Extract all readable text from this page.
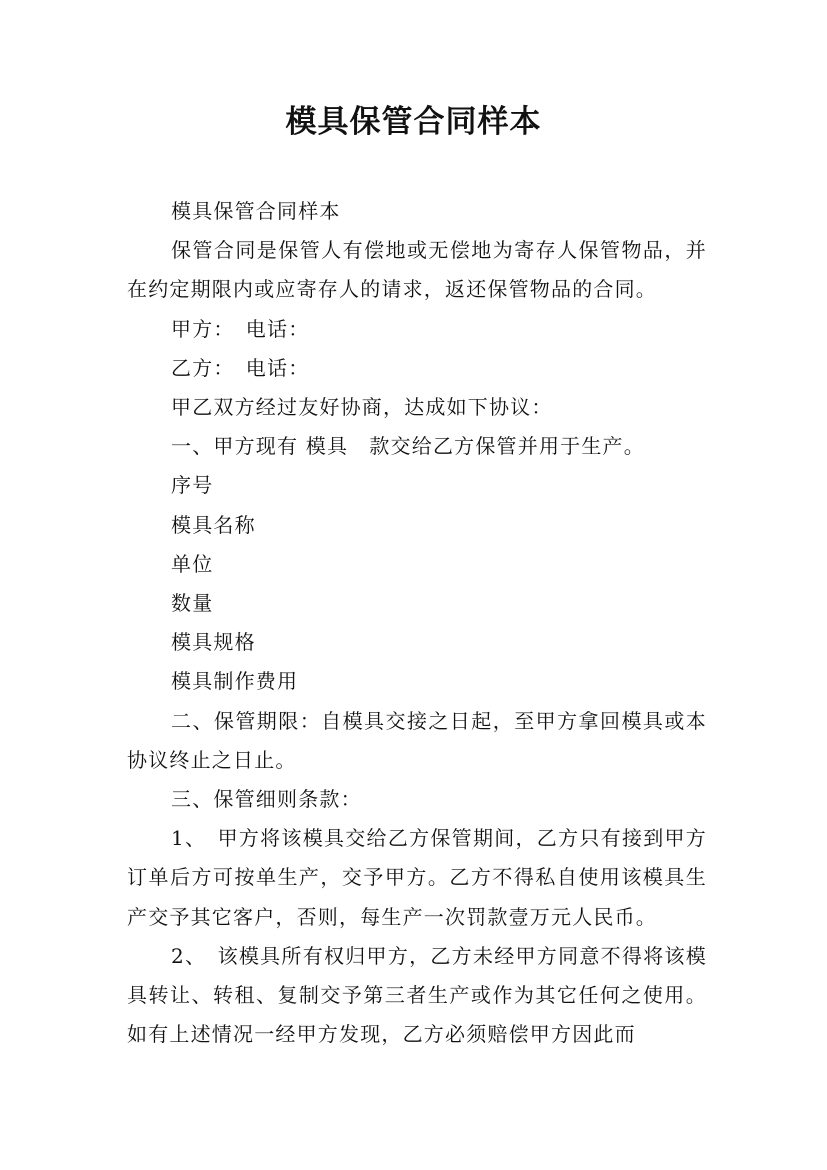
模具保管合同样本

模具保管合同样本

保管合同是保管人有偿地或无偿地为寄存人保管物品，并在约定期限内或应寄存人的请求，返还保管物品的合同。

甲方：　电话：

乙方：　电话：

甲乙双方经过友好协商，达成如下协议：

一、甲方现有 模具　款交给乙方保管并用于生产。

序号

模具名称

单位

数量

模具规格

模具制作费用

二、保管期限：自模具交接之日起，至甲方拿回模具或本协议终止之日止。

三、保管细则条款：

1、　甲方将该模具交给乙方保管期间，乙方只有接到甲方订单后方可按单生产，交予甲方。乙方不得私自使用该模具生产交予其它客户，否则，每生产一次罚款壹万元人民币。

2、　该模具所有权归甲方，乙方未经甲方同意不得将该模具转让、转租、复制交予第三者生产或作为其它任何之使用。如有上述情况一经甲方发现，乙方必须赔偿甲方因此而
